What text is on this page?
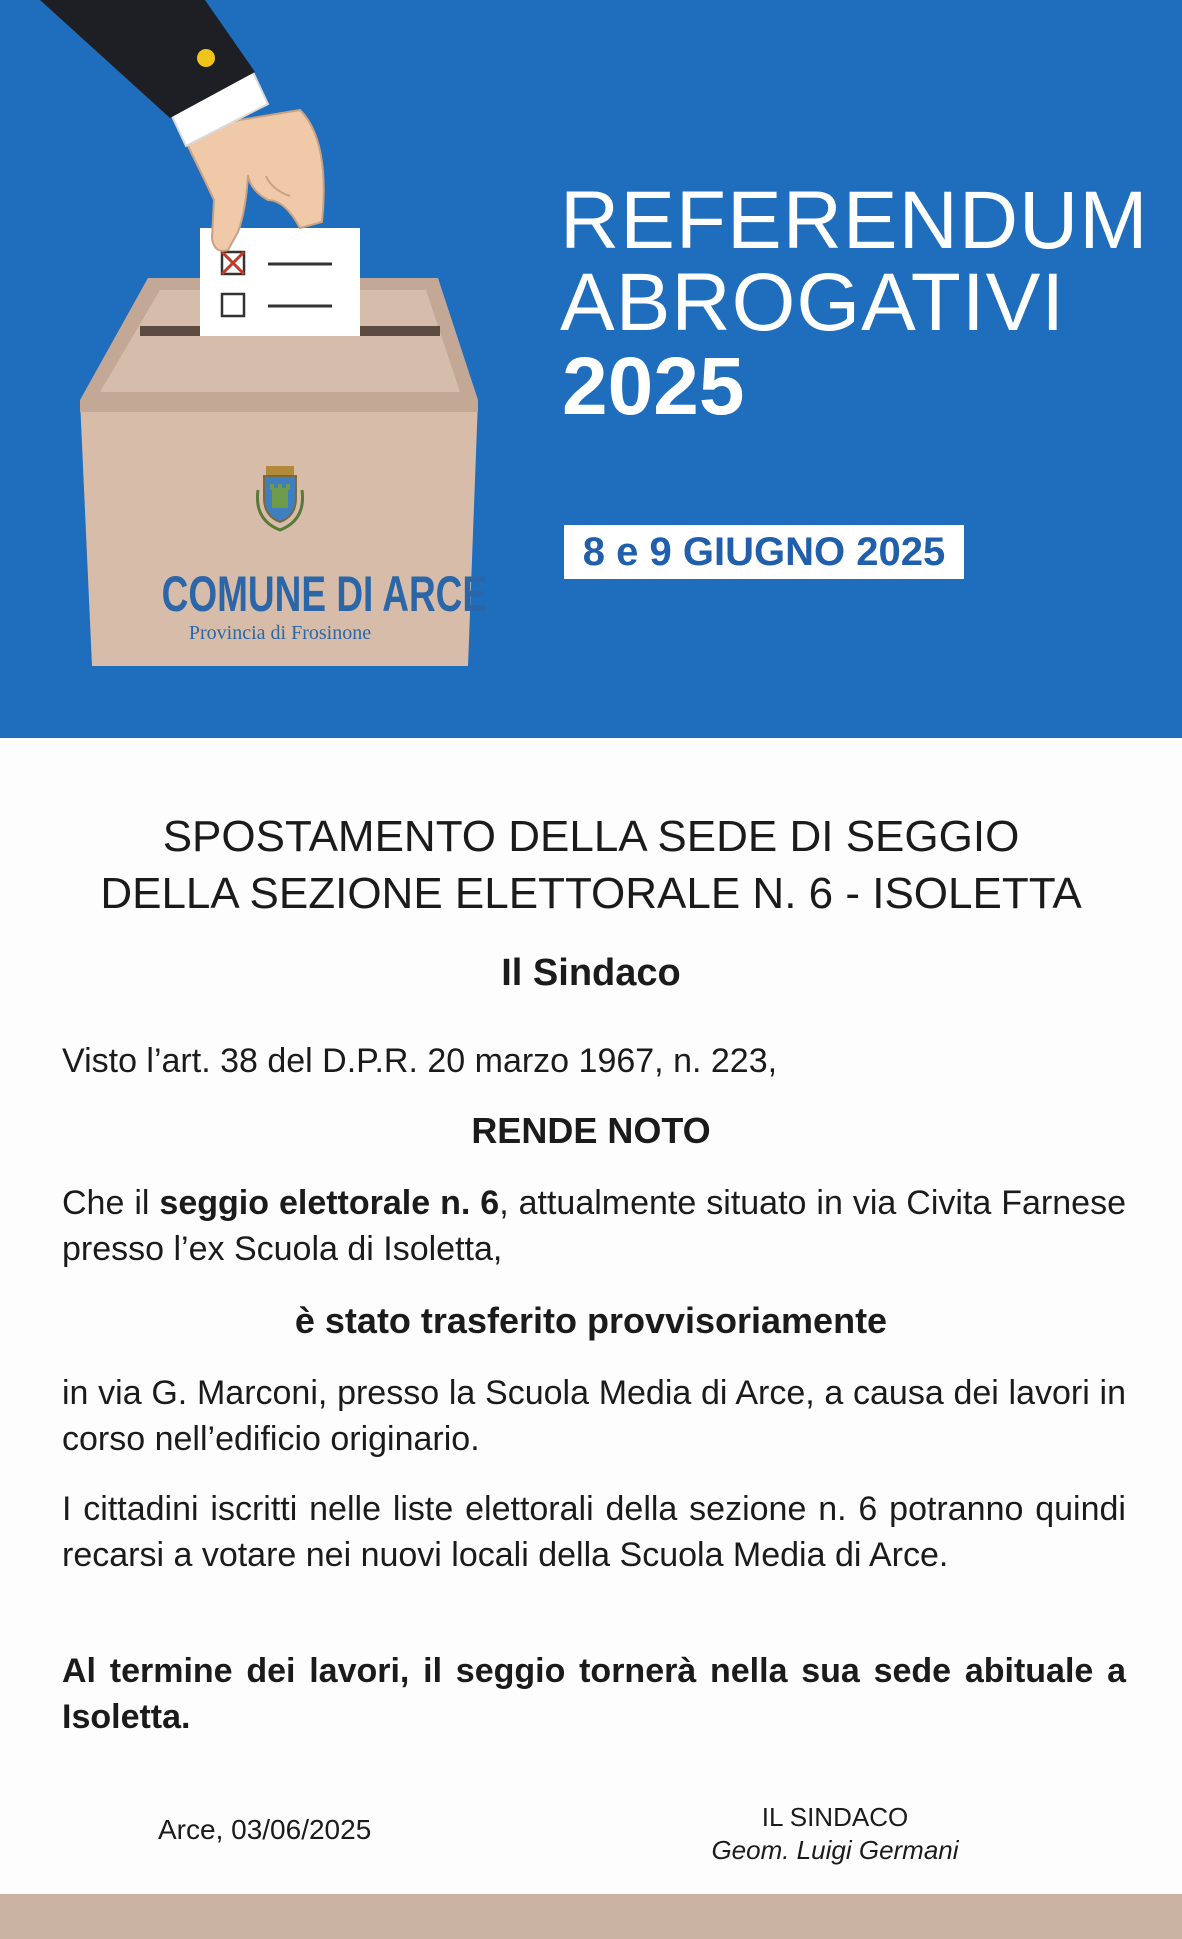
REFERENDUM
ABROGATIVI
2025
8 e 9 GIUGNO 2025
COMUNE DI ARCE
Provincia di Frosinone
SPOSTAMENTO DELLA SEDE DI SEGGIO
DELLA SEZIONE ELETTORALE N. 6 - ISOLETTA
Il Sindaco
Visto l’art. 38 del D.P.R. 20 marzo 1967, n. 223,
RENDE NOTO
Che il seggio elettorale n. 6, attualmente situato in via Civita Farnese presso l’ex Scuola di Isoletta,
è stato trasferito provvisoriamente
in via G. Marconi, presso la Scuola Media di Arce, a causa dei lavori in corso nell’edificio originario.
I cittadini iscritti nelle liste elettorali della sezione n. 6 potranno quindi recarsi a votare nei nuovi locali della Scuola Media di Arce.
Al termine dei lavori, il seggio tornerà nella sua sede abituale a Isoletta.
Arce, 03/06/2025	IL SINDACO
Geom. Luigi Germani
